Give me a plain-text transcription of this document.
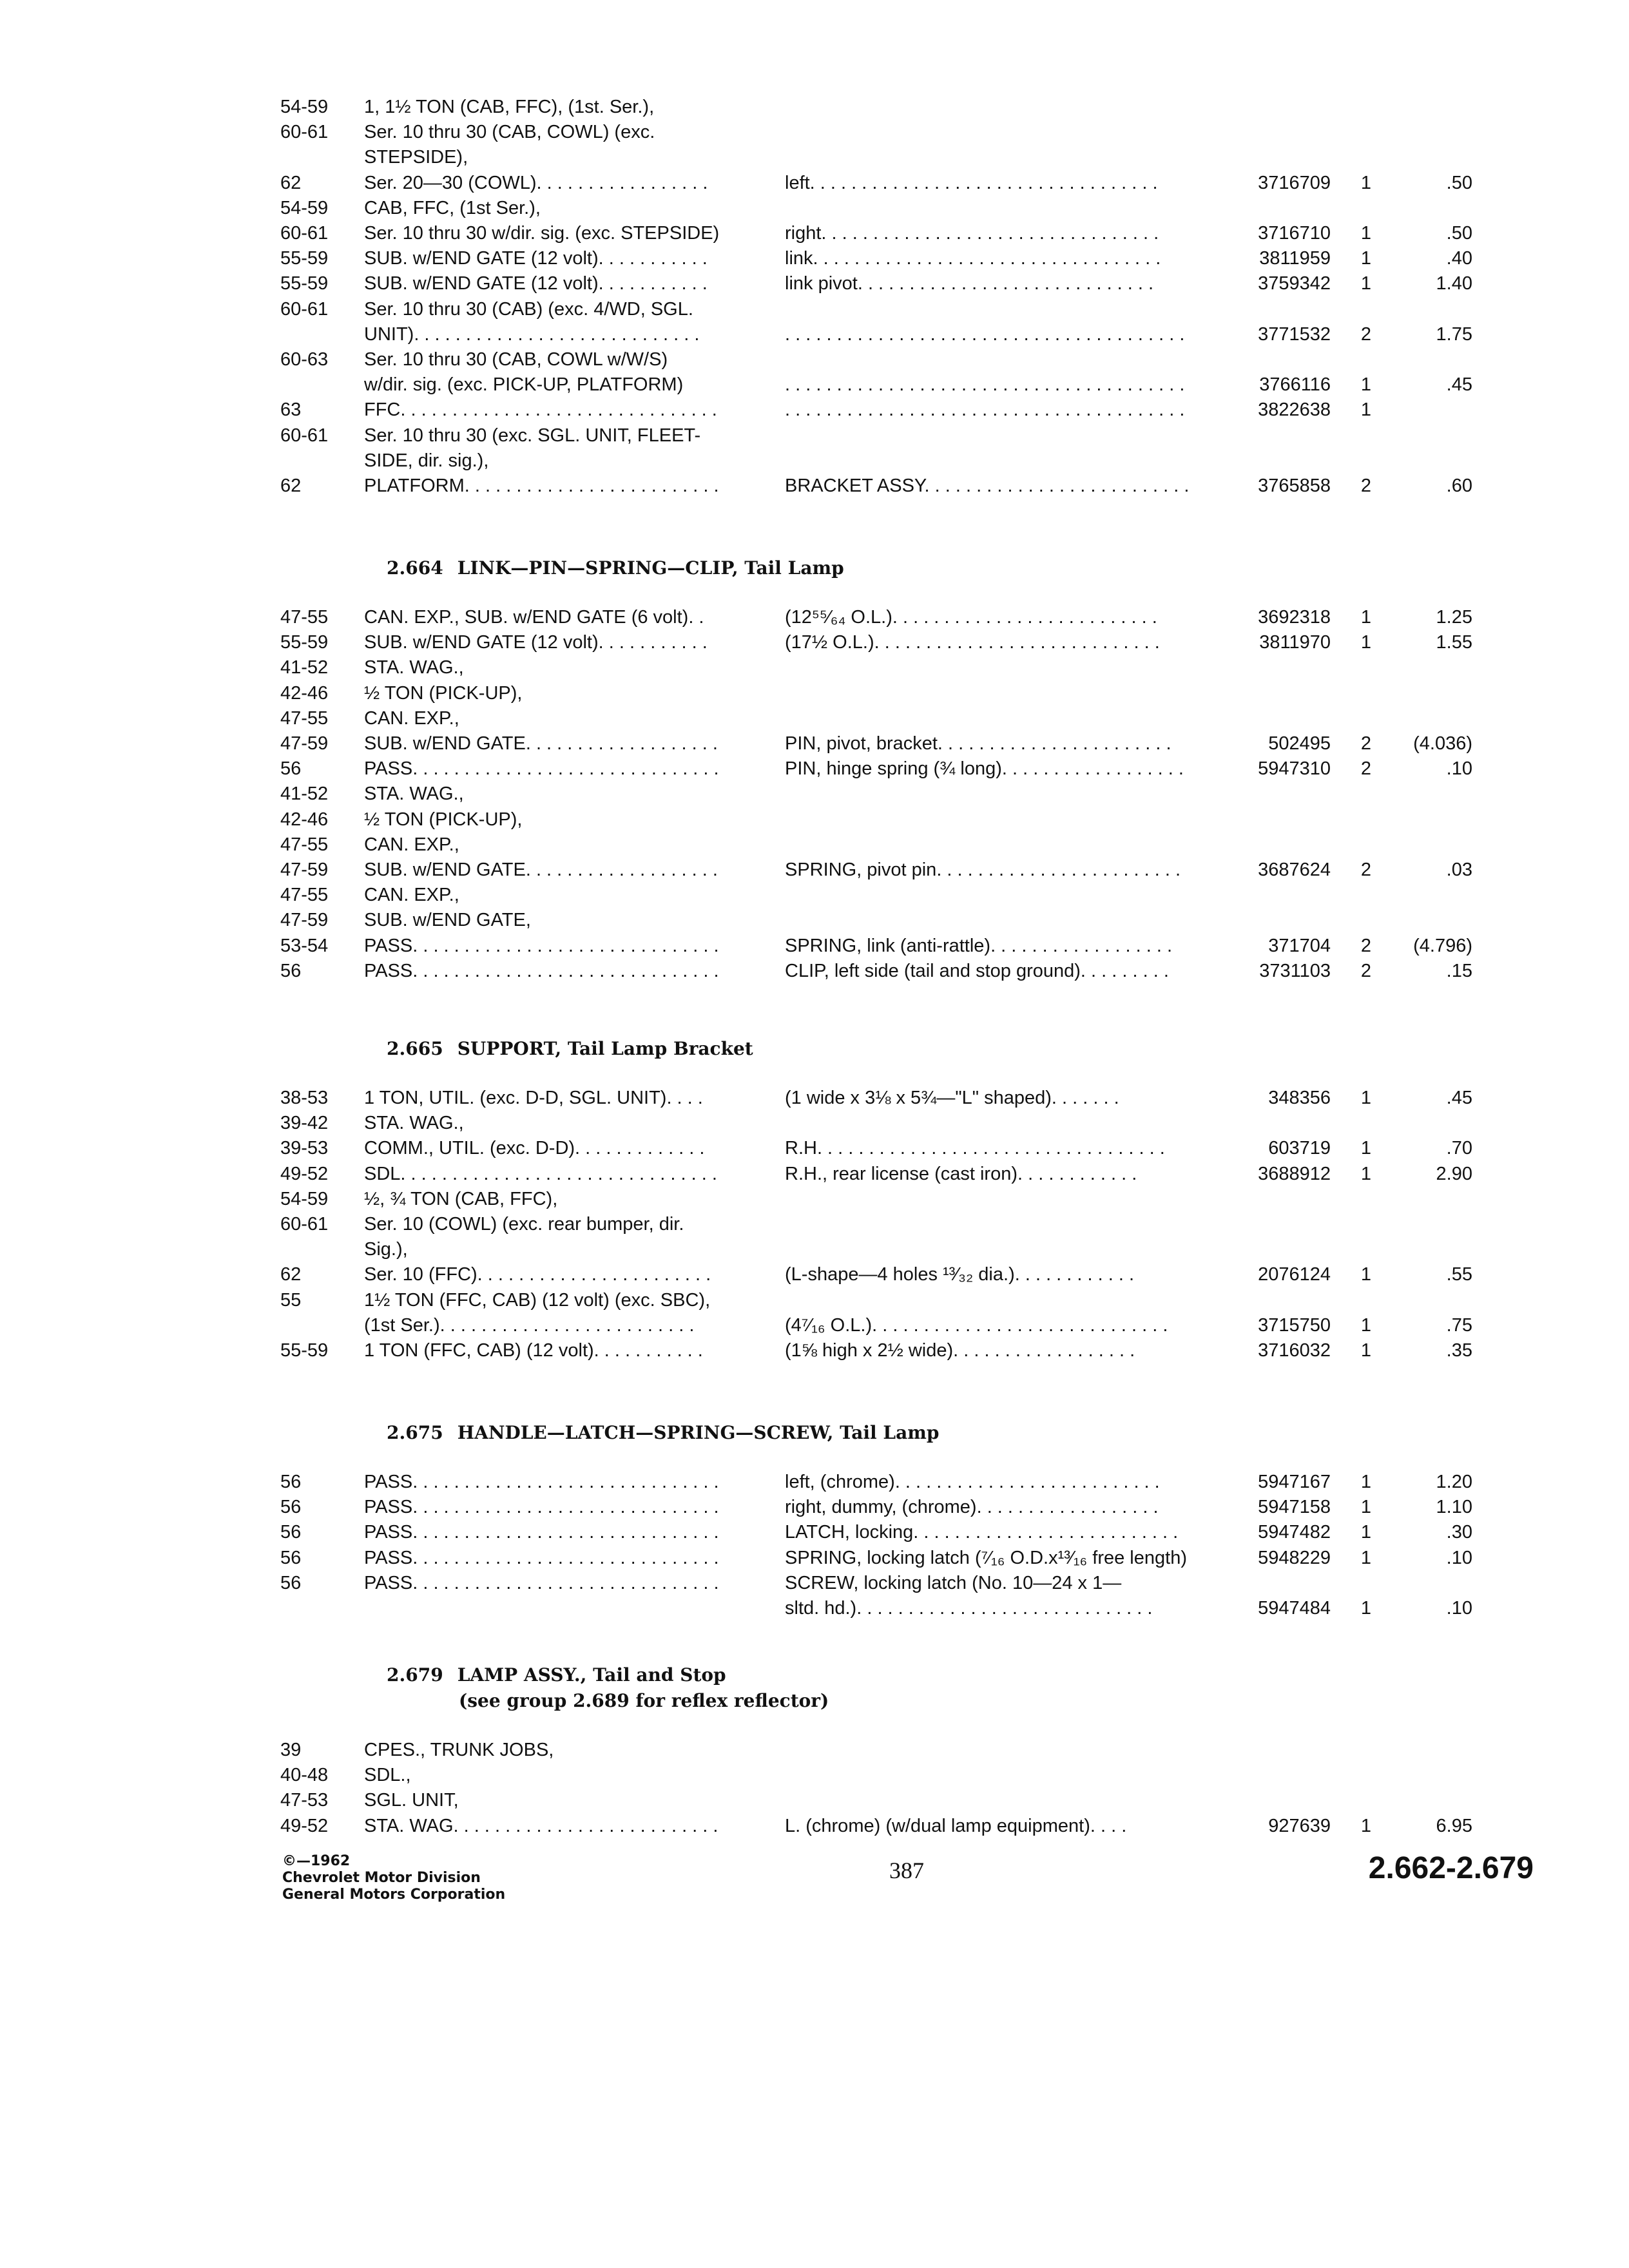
54-59	1, 1½ TON (CAB, FFC), (1st. Ser.),
60-61	Ser. 10 thru 30 (CAB, COWL) (exc.
STEPSIDE),
62	Ser. 20—30 (COWL). . . . . . . . . . . . . . . . .	left. . . . . . . . . . . . . . . . . . . . . . . . . . . . . . . . . .	3716709	1	.50
54-59	CAB, FFC, (1st Ser.),
60-61	Ser. 10 thru 30 w/dir. sig. (exc. STEPSIDE)	right. . . . . . . . . . . . . . . . . . . . . . . . . . . . . . . . .	3716710	1	.50
55-59	SUB. w/END GATE (12 volt). . . . . . . . . . .	link. . . . . . . . . . . . . . . . . . . . . . . . . . . . . . . . . .	3811959	1	.40
55-59	SUB. w/END GATE (12 volt). . . . . . . . . . .	link pivot. . . . . . . . . . . . . . . . . . . . . . . . . . . . .	3759342	1	1.40
60-61	Ser. 10 thru 30 (CAB) (exc. 4/WD, SGL.
UNIT). . . . . . . . . . . . . . . . . . . . . . . . . . . .	. . . . . . . . . . . . . . . . . . . . . . . . . . . . . . . . . . . . . . .	3771532	2	1.75
60-63	Ser. 10 thru 30 (CAB, COWL w/W/S)
w/dir. sig. (exc. PICK-UP, PLATFORM)	. . . . . . . . . . . . . . . . . . . . . . . . . . . . . . . . . . . . . . .	3766116	1	.45
63	FFC. . . . . . . . . . . . . . . . . . . . . . . . . . . . . . .	. . . . . . . . . . . . . . . . . . . . . . . . . . . . . . . . . . . . . . .	3822638	1
60-61	Ser. 10 thru 30 (exc. SGL. UNIT, FLEET-
SIDE, dir. sig.),
62	PLATFORM. . . . . . . . . . . . . . . . . . . . . . . . .	BRACKET ASSY. . . . . . . . . . . . . . . . . . . . . . . . . .	3765858	2	.60
2.664 LINK—PIN—SPRING—CLIP, Tail Lamp
47-55	CAN. EXP., SUB. w/END GATE (6 volt). .	(12⁵⁵⁄₆₄ O.L.). . . . . . . . . . . . . . . . . . . . . . . . . .	3692318	1	1.25
55-59	SUB. w/END GATE (12 volt). . . . . . . . . . .	(17½ O.L.). . . . . . . . . . . . . . . . . . . . . . . . . . . .	3811970	1	1.55
41-52	STA. WAG.,
42-46	½ TON (PICK-UP),
47-55	CAN. EXP.,
47-59	SUB. w/END GATE. . . . . . . . . . . . . . . . . . .	PIN, pivot, bracket. . . . . . . . . . . . . . . . . . . . . . .	502495	2	(4.036)
56	PASS. . . . . . . . . . . . . . . . . . . . . . . . . . . . . .	PIN, hinge spring (¾ long). . . . . . . . . . . . . . . . . .	5947310	2	.10
41-52	STA. WAG.,
42-46	½ TON (PICK-UP),
47-55	CAN. EXP.,
47-59	SUB. w/END GATE. . . . . . . . . . . . . . . . . . .	SPRING, pivot pin. . . . . . . . . . . . . . . . . . . . . . . .	3687624	2	.03
47-55	CAN. EXP.,
47-59	SUB. w/END GATE,
53-54	PASS. . . . . . . . . . . . . . . . . . . . . . . . . . . . . .	SPRING, link (anti-rattle). . . . . . . . . . . . . . . . . .	371704	2	(4.796)
56	PASS. . . . . . . . . . . . . . . . . . . . . . . . . . . . . .	CLIP, left side (tail and stop ground). . . . . . . . .	3731103	2	.15
2.665 SUPPORT, Tail Lamp Bracket
38-53	1 TON, UTIL. (exc. D-D, SGL. UNIT). . . .	(1 wide x 3⅛ x 5¾—"L" shaped). . . . . . .	348356	1	.45
39-42	STA. WAG.,
39-53	COMM., UTIL. (exc. D-D). . . . . . . . . . . . .	R.H. . . . . . . . . . . . . . . . . . . . . . . . . . . . . . . . . .	603719	1	.70
49-52	SDL. . . . . . . . . . . . . . . . . . . . . . . . . . . . . . .	R.H., rear license (cast iron). . . . . . . . . . . .	3688912	1	2.90
54-59	½, ¾ TON (CAB, FFC),
60-61	Ser. 10 (COWL) (exc. rear bumper, dir.
Sig.),
62	Ser. 10 (FFC). . . . . . . . . . . . . . . . . . . . . . .	(L-shape—4 holes ¹³⁄₃₂ dia.). . . . . . . . . . . .	2076124	1	.55
55	1½ TON (FFC, CAB) (12 volt) (exc. SBC),
(1st Ser.). . . . . . . . . . . . . . . . . . . . . . . . .	(4⁷⁄₁₆ O.L.). . . . . . . . . . . . . . . . . . . . . . . . . . . . .	3715750	1	.75
55-59	1 TON (FFC, CAB) (12 volt). . . . . . . . . . .	(1⅝ high x 2½ wide). . . . . . . . . . . . . . . . . .	3716032	1	.35
2.675 HANDLE—LATCH—SPRING—SCREW, Tail Lamp
56	PASS. . . . . . . . . . . . . . . . . . . . . . . . . . . . . .	left, (chrome). . . . . . . . . . . . . . . . . . . . . . . . . .	5947167	1	1.20
56	PASS. . . . . . . . . . . . . . . . . . . . . . . . . . . . . .	right, dummy, (chrome). . . . . . . . . . . . . . . . . .	5947158	1	1.10
56	PASS. . . . . . . . . . . . . . . . . . . . . . . . . . . . . .	LATCH, locking. . . . . . . . . . . . . . . . . . . . . . . . . .	5947482	1	.30
56	PASS. . . . . . . . . . . . . . . . . . . . . . . . . . . . . .	SPRING, locking latch (⁷⁄₁₆ O.D.x¹³⁄₁₆ free length)	5948229	1	.10
56	PASS. . . . . . . . . . . . . . . . . . . . . . . . . . . . . .	SCREW, locking latch (No. 10—24 x 1—
sltd. hd.). . . . . . . . . . . . . . . . . . . . . . . . . . . . .	5947484	1	.10
2.679 LAMP ASSY., Tail and Stop
(see group 2.689 for reflex reflector)
39	CPES., TRUNK JOBS,
40-48	SDL.,
47-53	SGL. UNIT,
49-52	STA. WAG. . . . . . . . . . . . . . . . . . . . . . . . . .	L. (chrome) (w/dual lamp equipment). . . .	927639	1	6.95
©—1962
Chevrolet Motor Division
General Motors Corporation
387	2.662-2.679
